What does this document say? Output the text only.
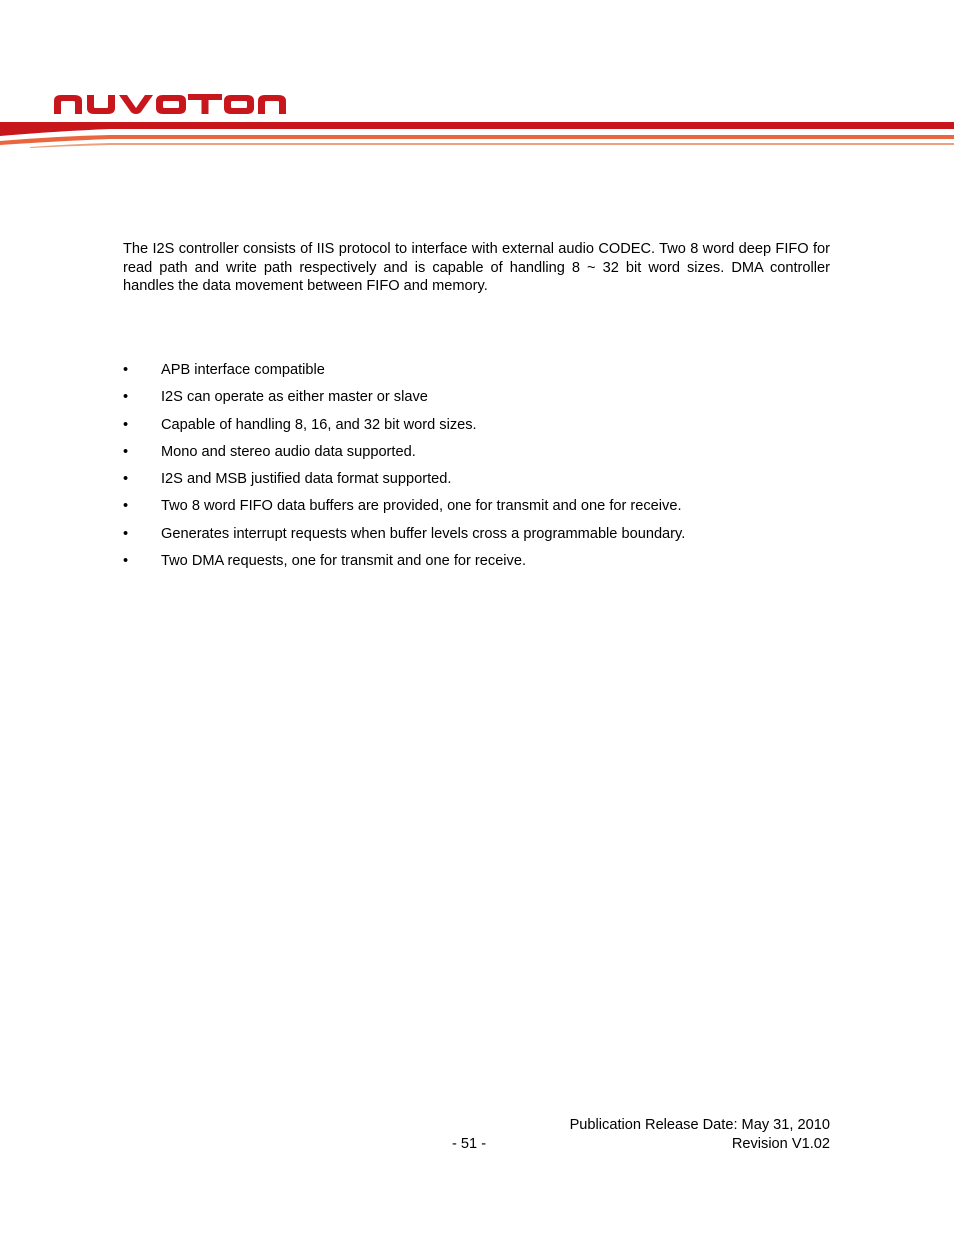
The I2S controller consists of IIS protocol to interface with external audio CODEC. Two 8 word deep FIFO for read path and write path respectively and is capable of handling 8 ~ 32 bit word sizes. DMA controller handles the data movement between FIFO and memory.

•	APB interface compatible
•	I2S can operate as either master or slave
•	Capable of handling 8, 16, and 32 bit word sizes.
•	Mono and stereo audio data supported.
•	I2S and MSB justified data format supported.
•	Two 8 word FIFO data buffers are provided, one for transmit and one for receive.
•	Generates interrupt requests when buffer levels cross a programmable boundary.
•	Two DMA requests, one for transmit and one for receive.
Publication Release Date: May 31, 2010
- 51 -	Revision V1.02
